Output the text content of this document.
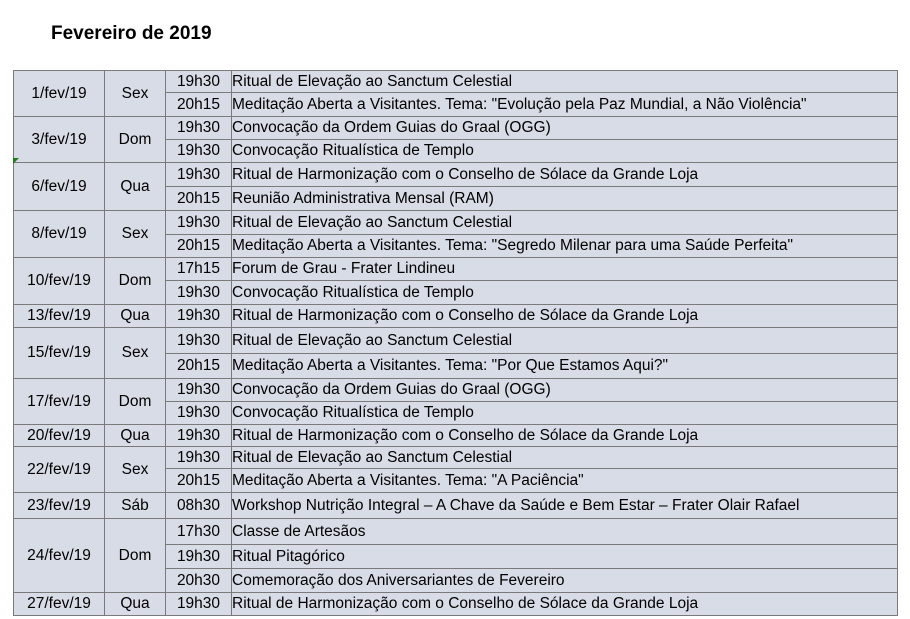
Fevereiro de 2019
1/fev/19	Sex	19h30	Ritual de Elevação ao Sanctum Celestial
		20h15	Meditação Aberta a Visitantes. Tema: "Evolução pela Paz Mundial, a Não Violência"
3/fev/19	Dom	19h30	Convocação da Ordem Guias do Graal (OGG)
		19h30	Convocação Ritualística de Templo
6/fev/19	Qua	19h30	Ritual de Harmonização com o Conselho de Sólace da Grande Loja
		20h15	Reunião Administrativa Mensal (RAM)
8/fev/19	Sex	19h30	Ritual de Elevação ao Sanctum Celestial
		20h15	Meditação Aberta a Visitantes. Tema: "Segredo Milenar para uma Saúde Perfeita"
10/fev/19	Dom	17h15	Forum de Grau - Frater Lindineu
		19h30	Convocação Ritualística de Templo
13/fev/19	Qua	19h30	Ritual de Harmonização com o Conselho de Sólace da Grande Loja
15/fev/19	Sex	19h30	Ritual de Elevação ao Sanctum Celestial
		20h15	Meditação Aberta a Visitantes. Tema: "Por Que Estamos Aqui?"
17/fev/19	Dom	19h30	Convocação da Ordem Guias do Graal (OGG)
		19h30	Convocação Ritualística de Templo
20/fev/19	Qua	19h30	Ritual de Harmonização com o Conselho de Sólace da Grande Loja
22/fev/19	Sex	19h30	Ritual de Elevação ao Sanctum Celestial
		20h15	Meditação Aberta a Visitantes. Tema: "A Paciência"
23/fev/19	Sáb	08h30	Workshop Nutrição Integral – A Chave da Saúde e Bem Estar – Frater Olair Rafael
24/fev/19	Dom	17h30	Classe de Artesãos
		19h30	Ritual Pitagórico
		20h30	Comemoração dos Aniversariantes de Fevereiro
27/fev/19	Qua	19h30	Ritual de Harmonização com o Conselho de Sólace da Grande Loja
